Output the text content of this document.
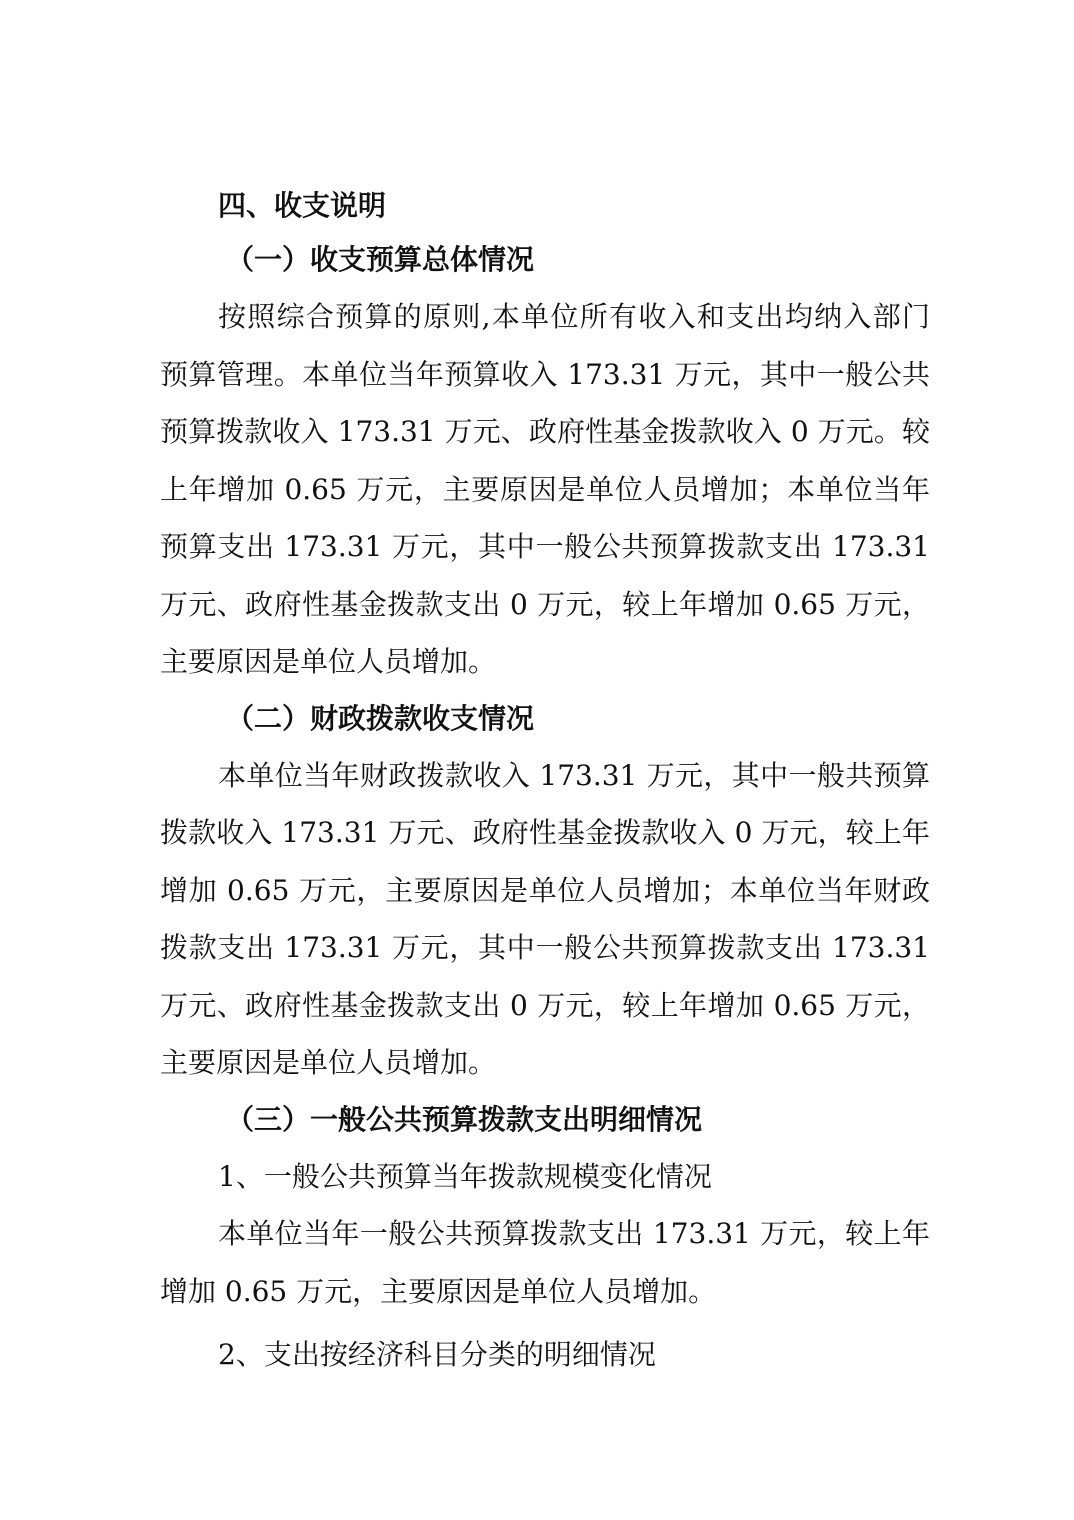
四、收支说明
（一）收支预算总体情况

按照综合预算的原则,本单位所有收入和支出均纳入部门
预算管理。本单位当年预算收入 173.31 万元，其中一般公共
预算拨款收入 173.31 万元、政府性基金拨款收入 0 万元。较
上年增加 0.65 万元，主要原因是单位人员增加；本单位当年
预算支出 173.31 万元，其中一般公共预算拨款支出 173.31
万元、政府性基金拨款支出 0 万元，较上年增加 0.65 万元，
主要原因是单位人员增加。

（二）财政拨款收支情况

本单位当年财政拨款收入 173.31 万元，其中一般共预算
拨款收入 173.31 万元、政府性基金拨款收入 0 万元，较上年
增加 0.65 万元，主要原因是单位人员增加；本单位当年财政
拨款支出 173.31 万元，其中一般公共预算拨款支出 173.31
万元、政府性基金拨款支出 0 万元，较上年增加 0.65 万元，
主要原因是单位人员增加。

（三）一般公共预算拨款支出明细情况

1、一般公共预算当年拨款规模变化情况

本单位当年一般公共预算拨款支出 173.31 万元，较上年
增加 0.65 万元，主要原因是单位人员增加。

2、支出按经济科目分类的明细情况
